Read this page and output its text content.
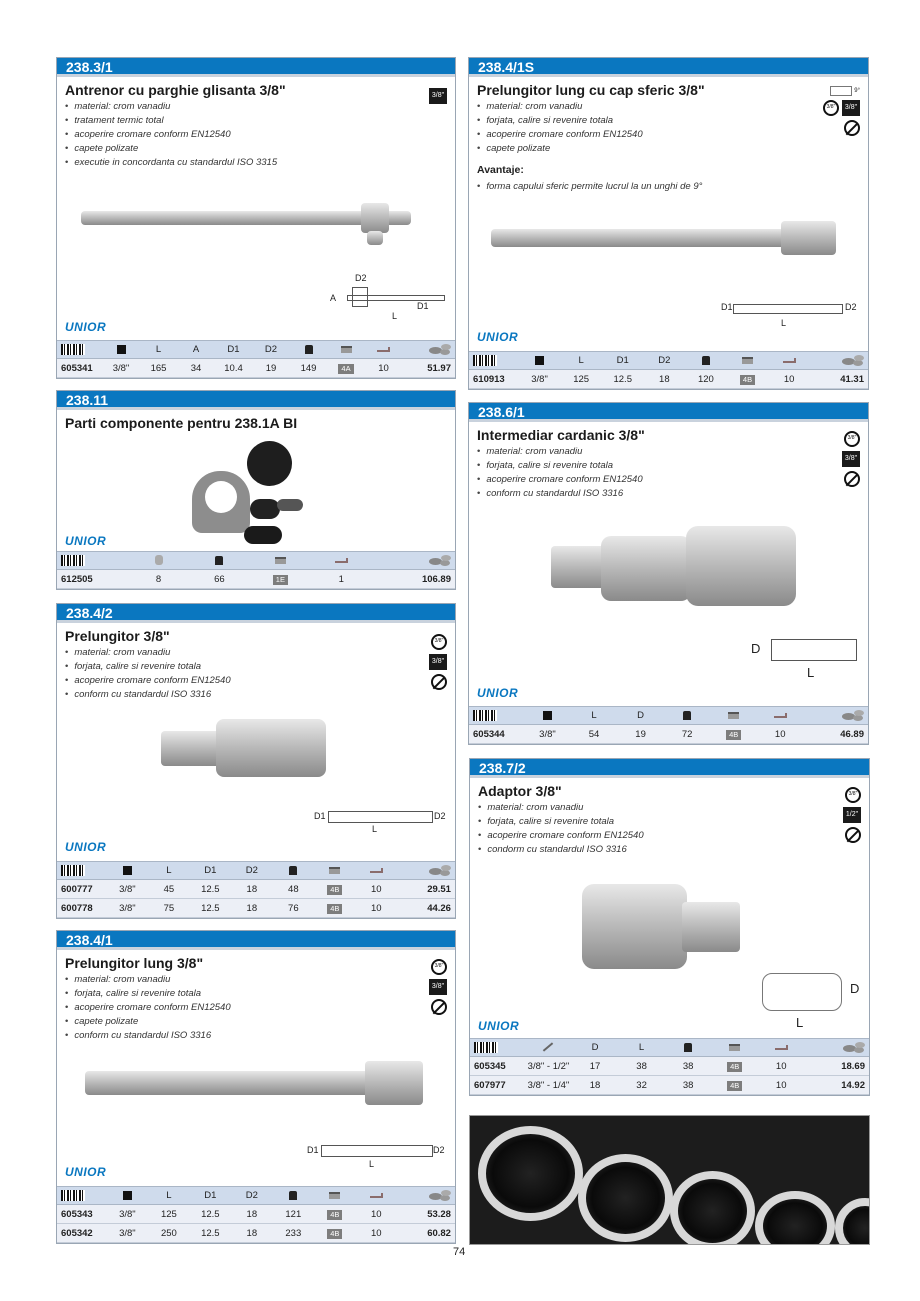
238.3/1
Antrenor cu parghie glisanta 3/8"
• material: crom vanadiu
• tratament termic total
• acoperire cromare conform EN12540
• capete polizate
• executie in concordanta cu standardul ISO 3315
3/8"
D2
A
D1
L
UNIOR
L	A	D1	D2
605341	3/8"	165	34	10.4	19	149	4A	10	51.97
238.4/1S
Prelungitor lung cu cap sferic 3/8"
• material: crom vanadiu
• forjata, calire si revenire totala
• acoperire cromare conform EN12540
• capete polizate
Avantaje:
• forma capului sferic permite lucrul la un unghi de 9°
9°
3/8"	3/8"
D1
L
D2
UNIOR
L	D1	D2
610913	3/8"	125	12.5	18	120	4B	10	41.31
238.11
Parti componente pentru 238.1A BI
UNIOR
612505	8	66	1E	1	106.89
238.6/1
Intermediar cardanic 3/8"
• material: crom vanadiu
• forjata, calire si revenire totala
• acoperire cromare conform EN12540
• conform cu standardul ISO 3316
3/8"
3/8"
D
L
UNIOR
L	D
605344	3/8"	54	19	72	4B	10	46.89
238.4/2
Prelungitor 3/8"
• material: crom vanadiu
• forjata, calire si revenire totala
• acoperire cromare conform EN12540
• conform cu standardul ISO 3316
3/8"
3/8"
D1
L
D2
UNIOR
L	D1	D2
600777	3/8"	45	12.5	18	48	4B	10	29.51
600778	3/8"	75	12.5	18	76	4B	10	44.26
238.7/2
Adaptor 3/8"
• material: crom vanadiu
• forjata, calire si revenire totala
• acoperire cromare conform EN12540
• condorm cu standardul ISO 3316
3/8"
1/2"
D
L
UNIOR
D	L
605345	3/8" - 1/2"	17	38	38	4B	10	18.69
607977	3/8" - 1/4"	18	32	38	4B	10	14.92
238.4/1
Prelungitor lung 3/8"
• material: crom vanadiu
• forjata, calire si revenire totala
• acoperire cromare conform EN12540
• capete polizate
• conform cu standardul ISO 3316
3/8"
3/8"
D1
L
D2
UNIOR
L	D1	D2
605343	3/8"	125	12.5	18	121	4B	10	53.28
605342	3/8"	250	12.5	18	233	4B	10	60.82
74
